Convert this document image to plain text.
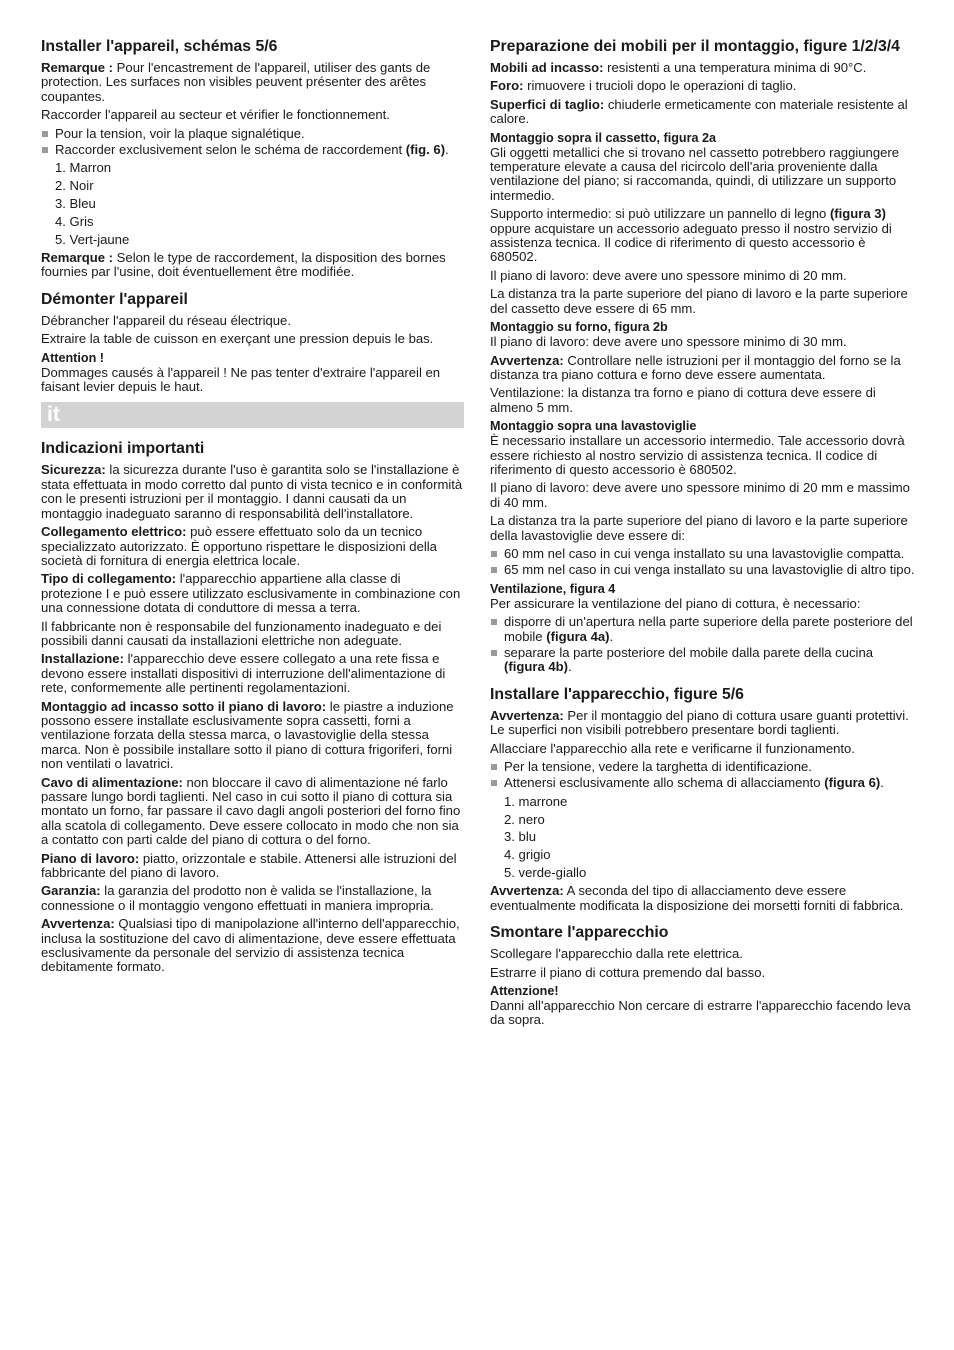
Installer l'appareil, schémas 5/6

Remarque : Pour l'encastrement de l'appareil, utiliser des gants de protection. Les surfaces non visibles peuvent présenter des arêtes coupantes.

Raccorder l'appareil au secteur et vérifier le fonctionnement.

Pour la tension, voir la plaque signalétique.
Raccorder exclusivement selon le schéma de raccordement (fig. 6).
1. Marron
2. Noir
3. Bleu
4. Gris
5. Vert-jaune

Remarque : Selon le type de raccordement, la disposition des bornes fournies par l'usine, doit éventuellement être modifiée.

Démonter l'appareil

Débrancher l'appareil du réseau électrique.

Extraire la table de cuisson en exerçant une pression depuis le bas.

Attention !

Dommages causés à l'appareil ! Ne pas tenter d'extraire l'appareil en faisant levier depuis le haut.

it
Indicazioni importanti

Sicurezza: la sicurezza durante l'uso è garantita solo se l'installazione è stata effettuata in modo corretto dal punto di vista tecnico e in conformità con le presenti istruzioni per il montaggio. I danni causati da un montaggio inadeguato saranno di responsabilità dell'installatore.

Collegamento elettrico: può essere effettuato solo da un tecnico specializzato autorizzato. È opportuno rispettare le disposizioni della società di fornitura di energia elettrica locale.

Tipo di collegamento: l'apparecchio appartiene alla classe di protezione I e può essere utilizzato esclusivamente in combinazione con una connessione dotata di conduttore di messa a terra.

Il fabbricante non è responsabile del funzionamento inadeguato e dei possibili danni causati da installazioni elettriche non adeguate.

Installazione: l'apparecchio deve essere collegato a una rete fissa e devono essere installati dispositivi di interruzione dell'alimentazione di rete, conformemente alle pertinenti regolamentazioni.

Montaggio ad incasso sotto il piano di lavoro: le piastre a induzione possono essere installate esclusivamente sopra cassetti, forni a ventilazione forzata della stessa marca, o lavastoviglie della stessa marca. Non è possibile installare sotto il piano di cottura frigoriferi, forni non ventilati o lavatrici.

Cavo di alimentazione: non bloccare il cavo di alimentazione né farlo passare lungo bordi taglienti. Nel caso in cui sotto il piano di cottura sia montato un forno, far passare il cavo dagli angoli posteriori del forno fino alla scatola di collegamento. Deve essere collocato in modo che non sia a contatto con parti calde del piano di cottura o del forno.

Piano di lavoro: piatto, orizzontale e stabile. Attenersi alle istruzioni del fabbricante del piano di lavoro.

Garanzia: la garanzia del prodotto non è valida se l'installazione, la connessione o il montaggio vengono effettuati in maniera impropria.

Avvertenza: Qualsiasi tipo di manipolazione all'interno dell'apparecchio, inclusa la sostituzione del cavo di alimentazione, deve essere effettuata esclusivamente da personale del servizio di assistenza tecnica debitamente formato.

Preparazione dei mobili per il montaggio, figure 1/2/3/4

Mobili ad incasso: resistenti a una temperatura minima di 90°C.

Foro: rimuovere i trucioli dopo le operazioni di taglio.

Superfici di taglio: chiuderle ermeticamente con materiale resistente al calore.

Montaggio sopra il cassetto, figura 2a

Gli oggetti metallici che si trovano nel cassetto potrebbero raggiungere temperature elevate a causa del ricircolo dell'aria proveniente dalla ventilazione del piano; si raccomanda, quindi, di utilizzare un supporto intermedio.

Supporto intermedio: si può utilizzare un pannello di legno (figura 3) oppure acquistare un accessorio adeguato presso il nostro servizio di assistenza tecnica. Il codice di riferimento di questo accessorio è 680502.

Il piano di lavoro: deve avere uno spessore minimo di 20 mm.

La distanza tra la parte superiore del piano di lavoro e la parte superiore del cassetto deve essere di 65 mm.

Montaggio su forno, figura 2b

Il piano di lavoro: deve avere uno spessore minimo di 30 mm.

Avvertenza: Controllare nelle istruzioni per il montaggio del forno se la distanza tra piano cottura e forno deve essere aumentata.

Ventilazione: la distanza tra forno e piano di cottura deve essere di almeno 5 mm.

Montaggio sopra una lavastoviglie

È necessario installare un accessorio intermedio. Tale accessorio dovrà essere richiesto al nostro servizio di assistenza tecnica. Il codice di riferimento di questo accessorio è 680502.

Il piano di lavoro: deve avere uno spessore minimo di 20 mm e massimo di 40 mm.

La distanza tra la parte superiore del piano di lavoro e la parte superiore della lavastoviglie deve essere di:

60 mm nel caso in cui venga installato su una lavastoviglie compatta.
65 mm nel caso in cui venga installato su una lavastoviglie di altro tipo.
Ventilazione, figura 4

Per assicurare la ventilazione del piano di cottura, è necessario:

disporre di un'apertura nella parte superiore della parete posteriore del mobile (figura 4a).
separare la parte posteriore del mobile dalla parete della cucina (figura 4b).
Installare l'apparecchio, figure 5/6

Avvertenza: Per il montaggio del piano di cottura usare guanti protettivi. Le superfici non visibili potrebbero presentare bordi taglienti.

Allacciare l'apparecchio alla rete e verificarne il funzionamento.

Per la tensione, vedere la targhetta di identificazione.
Attenersi esclusivamente allo schema di allacciamento (figura 6).
1. marrone
2. nero
3. blu
4. grigio
5. verde-giallo

Avvertenza: A seconda del tipo di allacciamento deve essere eventualmente modificata la disposizione dei morsetti forniti di fabbrica.

Smontare l'apparecchio

Scollegare l'apparecchio dalla rete elettrica.

Estrarre il piano di cottura premendo dal basso.

Attenzione!

Danni all'apparecchio Non cercare di estrarre l'apparecchio facendo leva da sopra.
